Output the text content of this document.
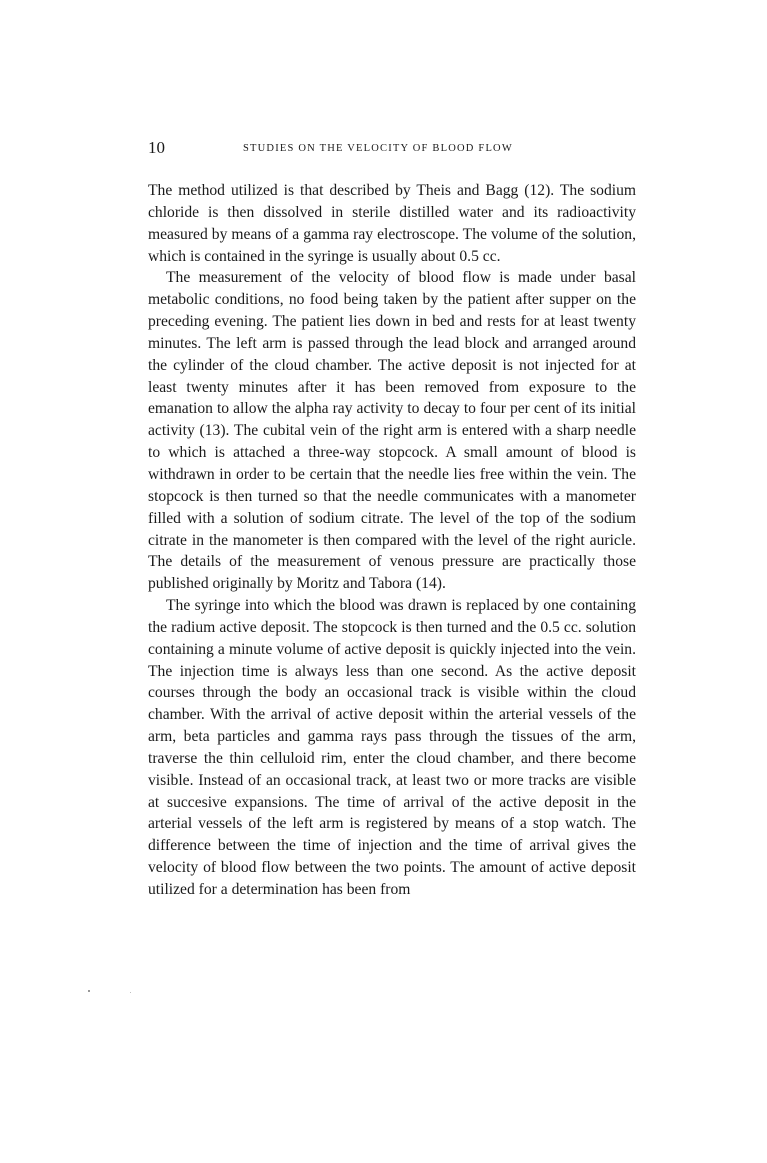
10	STUDIES ON THE VELOCITY OF BLOOD FLOW

The method utilized is that described by Theis and Bagg (12). The sodium chloride is then dissolved in sterile distilled water and its radioactivity measured by means of a gamma ray electroscope. The volume of the solution, which is contained in the syringe is usually about 0.5 cc.

The measurement of the velocity of blood flow is made under basal metabolic conditions, no food being taken by the patient after supper on the preceding evening. The patient lies down in bed and rests for at least twenty minutes. The left arm is passed through the lead block and arranged around the cylinder of the cloud chamber. The active deposit is not injected for at least twenty minutes after it has been removed from exposure to the emanation to allow the alpha ray activity to decay to four per cent of its initial activity (13). The cubital vein of the right arm is entered with a sharp needle to which is attached a three-way stopcock. A small amount of blood is withdrawn in order to be certain that the needle lies free within the vein. The stopcock is then turned so that the needle communicates with a manometer filled with a solution of sodium citrate. The level of the top of the sodium citrate in the manometer is then compared with the level of the right auricle. The details of the measurement of venous pressure are practically those published originally by Moritz and Tabora (14).

The syringe into which the blood was drawn is replaced by one containing the radium active deposit. The stopcock is then turned and the 0.5 cc. solution containing a minute volume of active deposit is quickly injected into the vein. The injection time is always less than one second. As the active deposit courses through the body an occasional track is visible within the cloud chamber. With the arrival of active deposit within the arterial vessels of the arm, beta particles and gamma rays pass through the tissues of the arm, traverse the thin celluloid rim, enter the cloud chamber, and there become visible. Instead of an occasional track, at least two or more tracks are visible at succesive expansions. The time of arrival of the active deposit in the arterial vessels of the left arm is registered by means of a stop watch. The difference between the time of injection and the time of arrival gives the velocity of blood flow between the two points. The amount of active deposit utilized for a determination has been from
